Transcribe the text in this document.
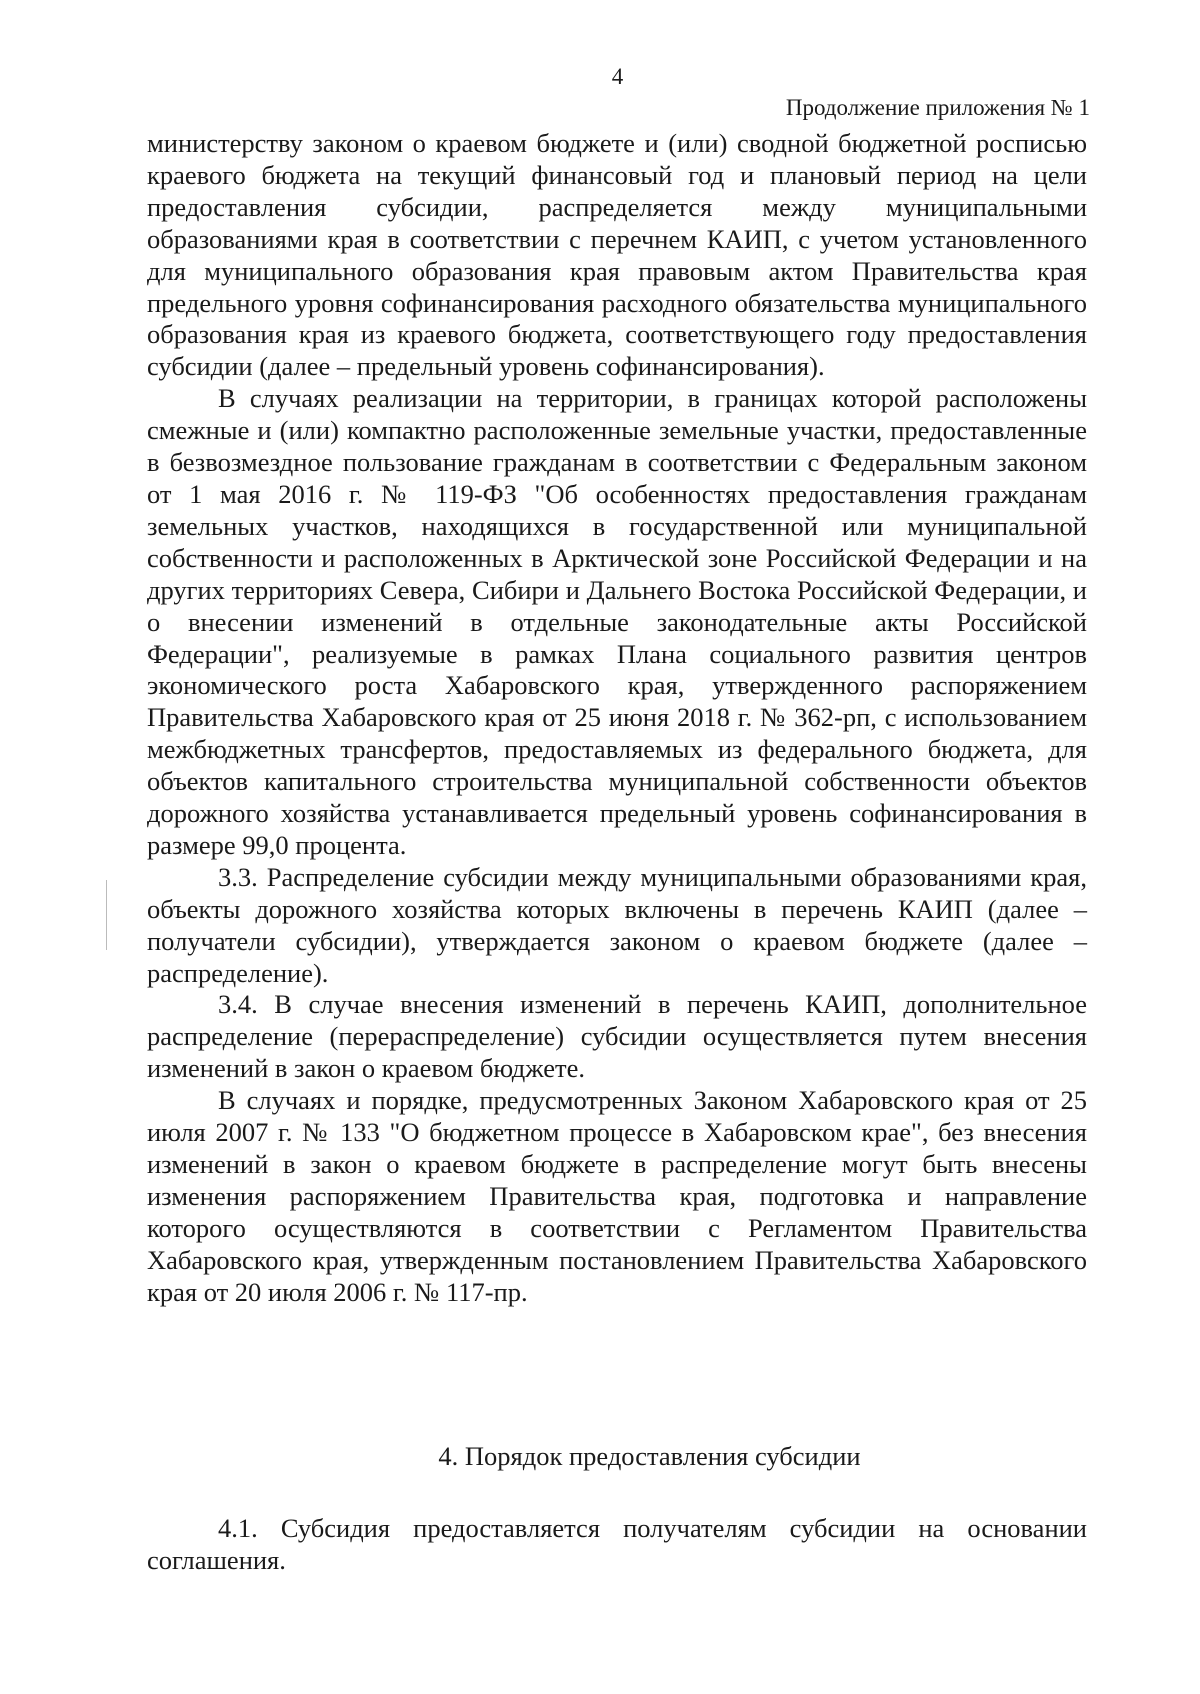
4
Продолжение приложения № 1

министерству законом о краевом бюджете и (или) сводной бюджетной росписью краевого бюджета на текущий финансовый год и плановый период на цели предоставления субсидии, распределяется между муниципальными образованиями края в соответствии с перечнем КАИП, с учетом установленного для муниципального образования края правовым актом Правительства края предельного уровня софинансирования расходного обязательства муниципального образования края из краевого бюджета, соответствующего году предоставления субсидии (далее – предельный уровень софинансирования).

В случаях реализации на территории, в границах которой расположены смежные и (или) компактно расположенные земельные участки, предоставленные в безвозмездное пользование гражданам в соответствии с Федеральным законом от 1 мая 2016 г. № 119-ФЗ "Об особенностях предоставления гражданам земельных участков, находящихся в государственной или муниципальной собственности и расположенных в Арктической зоне Российской Федерации и на других территориях Севера, Сибири и Дальнего Востока Российской Федерации, и о внесении изменений в отдельные законодательные акты Российской Федерации", реализуемые в рамках Плана социального развития центров экономического роста Хабаровского края, утвержденного распоряжением Правительства Хабаровского края от 25 июня 2018 г. № 362-рп, с использованием межбюджетных трансфертов, предоставляемых из федерального бюджета, для объектов капитального строительства муниципальной собственности объектов дорожного хозяйства устанавливается предельный уровень софинансирования в размере 99,0 процента.

3.3. Распределение субсидии между муниципальными образованиями края, объекты дорожного хозяйства которых включены в перечень КАИП (далее – получатели субсидии), утверждается законом о краевом бюджете (далее – распределение).

3.4. В случае внесения изменений в перечень КАИП, дополнительное распределение (перераспределение) субсидии осуществляется путем внесения изменений в закон о краевом бюджете.

В случаях и порядке, предусмотренных Законом Хабаровского края от 25 июля 2007 г. № 133 "О бюджетном процессе в Хабаровском крае", без внесения изменений в закон о краевом бюджете в распределение могут быть внесены изменения распоряжением Правительства края, подготовка и направление которого осуществляются в соответствии с Регламентом Правительства Хабаровского края, утвержденным постановлением Правительства Хабаровского края от 20 июля 2006 г. № 117-пр.

4. Порядок предоставления субсидии

4.1. Субсидия предоставляется получателям субсидии на основании соглашения.
